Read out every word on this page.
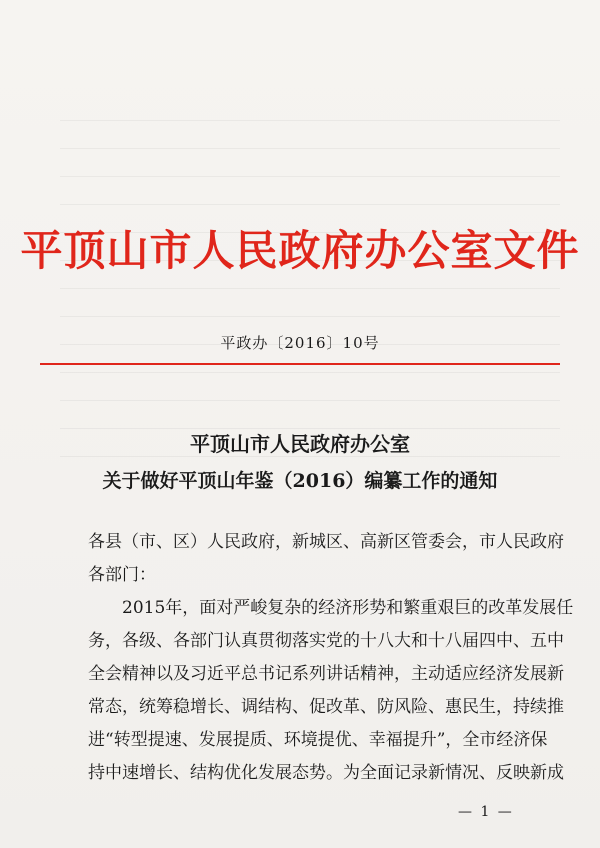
平顶山市人民政府办公室文件
平政办〔2016〕10号
平顶山市人民政府办公室
关于做好平顶山年鉴（2016）编纂工作的通知
各县（市、区）人民政府，新城区、高新区管委会，市人民政府
各部门：
2015年，面对严峻复杂的经济形势和繁重艰巨的改革发展任
务，各级、各部门认真贯彻落实党的十八大和十八届四中、五中
全会精神以及习近平总书记系列讲话精神，主动适应经济发展新
常态，统筹稳增长、调结构、促改革、防风险、惠民生，持续推
进“转型提速、发展提质、环境提优、幸福提升”，全市经济保
持中速增长、结构优化发展态势。为全面记录新情况、反映新成
— 1 —
